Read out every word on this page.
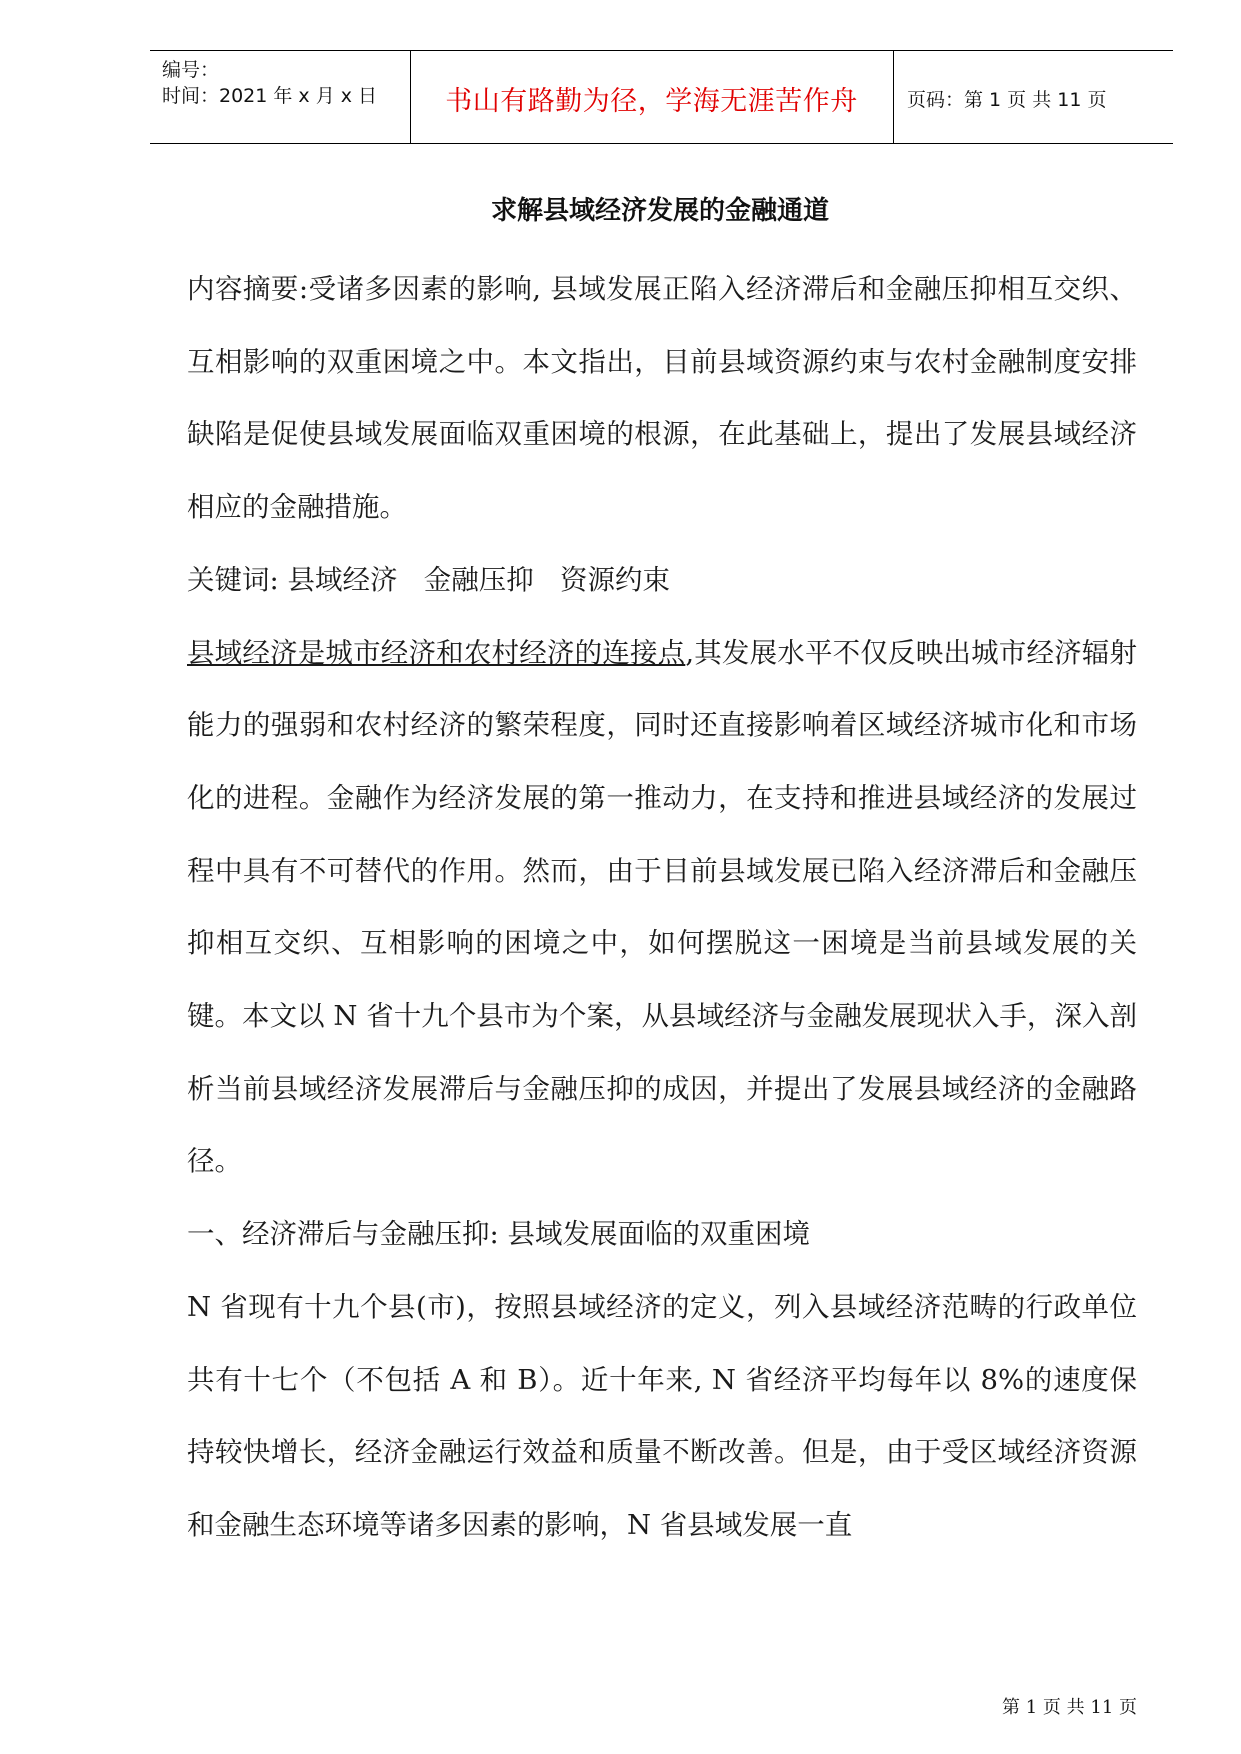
编号：
时间：2021 年 x 月 x 日	书山有路勤为径，学海无涯苦作舟	页码：第 1 页 共 11 页
求解县域经济发展的金融通道

内容摘要:受诸多因素的影响, 县域发展正陷入经济滞后和金融压抑相互交织、互相影响的双重困境之中。本文指出，目前县域资源约束与农村金融制度安排缺陷是促使县域发展面临双重困境的根源，在此基础上，提出了发展县域经济相应的金融措施。

关键词: 县域经济   金融压抑   资源约束

县域经济是城市经济和农村经济的连接点,其发展水平不仅反映出城市经济辐射能力的强弱和农村经济的繁荣程度，同时还直接影响着区域经济城市化和市场化的进程。金融作为经济发展的第一推动力，在支持和推进县域经济的发展过程中具有不可替代的作用。然而，由于目前县域发展已陷入经济滞后和金融压抑相互交织、互相影响的困境之中，如何摆脱这一困境是当前县域发展的关键。本文以 N 省十九个县市为个案，从县域经济与金融发展现状入手，深入剖析当前县域经济发展滞后与金融压抑的成因，并提出了发展县域经济的金融路径。

一、经济滞后与金融压抑: 县域发展面临的双重困境

N 省现有十九个县(市)，按照县域经济的定义，列入县域经济范畴的行政单位共有十七个（不包括 A 和 B）。近十年来, N 省经济平均每年以 8%的速度保持较快增长，经济金融运行效益和质量不断改善。但是，由于受区域经济资源和金融生态环境等诸多因素的影响，N 省县域发展一直

第 1 页 共 11 页
